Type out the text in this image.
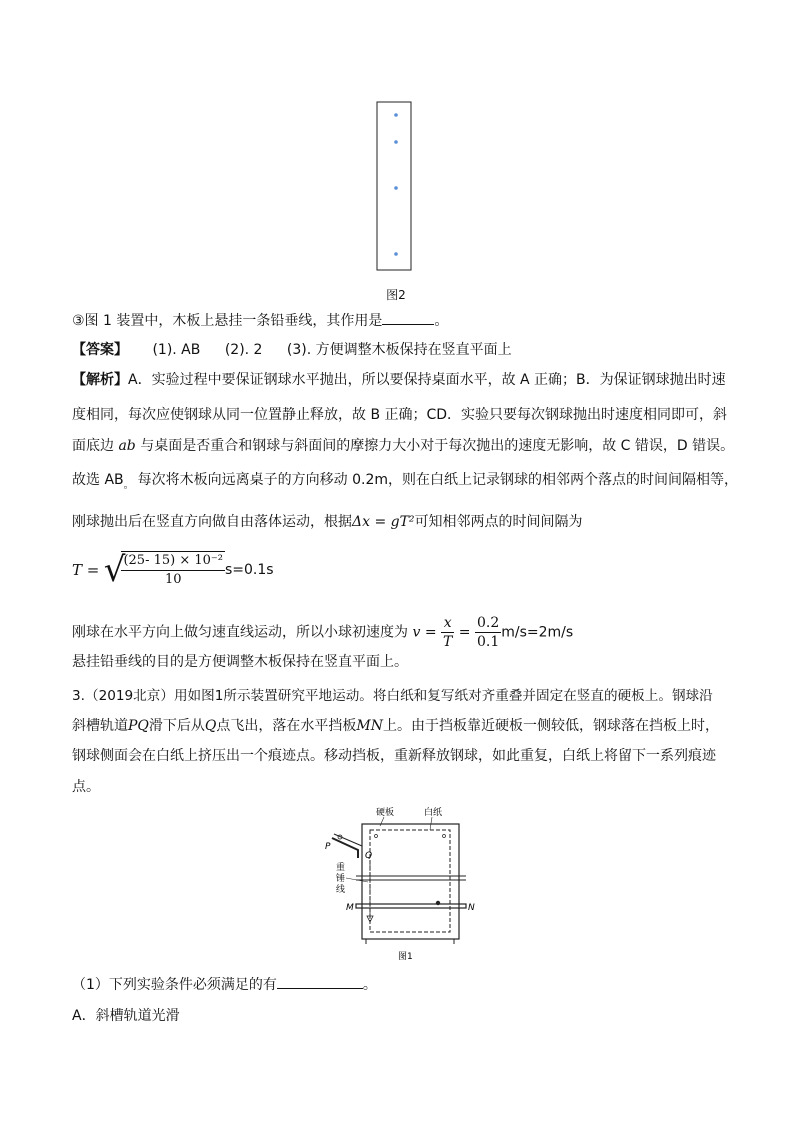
图2
③图 1 装置中，木板上悬挂一条铅垂线，其作用是	。
【答案】 (1). AB (2). 2 (3). 方便调整木板保持在竖直平面上
【解析】A．实验过程中要保证钢球水平抛出，所以要保持桌面水平，故 A 正确；B．为保证钢球抛出时速
度相同，每次应使钢球从同一位置静止释放，故 B 正确；CD．实验只要每次钢球抛出时速度相同即可，斜
面底边 ab 与桌面是否重合和钢球与斜面间的摩擦力大小对于每次抛出的速度无影响，故 C 错误，D 错误。
故选 $AB_。$ 每次将木板向远离桌子的方向移动 0.2m，则在白纸上记录钢球的相邻两个落点的时间间隔相等，
刚球抛出后在竖直方向做自由落体运动，根据Δx = gT²可知相邻两点的时间间隔为
T = √
$\frac{\text{(25- 15) × 10⁻²}}{10} s=0.1s$
刚球在水平方向上做匀速直线运动，所以小球初速度为 $v = \frac{x}{T} = \frac{0.2}{0.1} m/s=2m/s$
悬挂铅垂线的目的是方便调整木板保持在竖直平面上。
3.（2019北京）用如图1所示装置研究平地运动。将白纸和复写纸对齐重叠并固定在竖直的硬板上。钢球沿
斜槽轨道PQ滑下后从Q点飞出，落在水平挡板MN上。由于挡板靠近硬板一侧较低，钢球落在挡板上时，
钢球侧面会在白纸上挤压出一个痕迹点。移动挡板，重新释放钢球，如此重复，白纸上将留下一系列痕迹
点。
硬板	白纸
P
Q
重
锤
线
M	N
图1
（1）下列实验条件必须满足的有	。
A．斜槽轨道光滑
